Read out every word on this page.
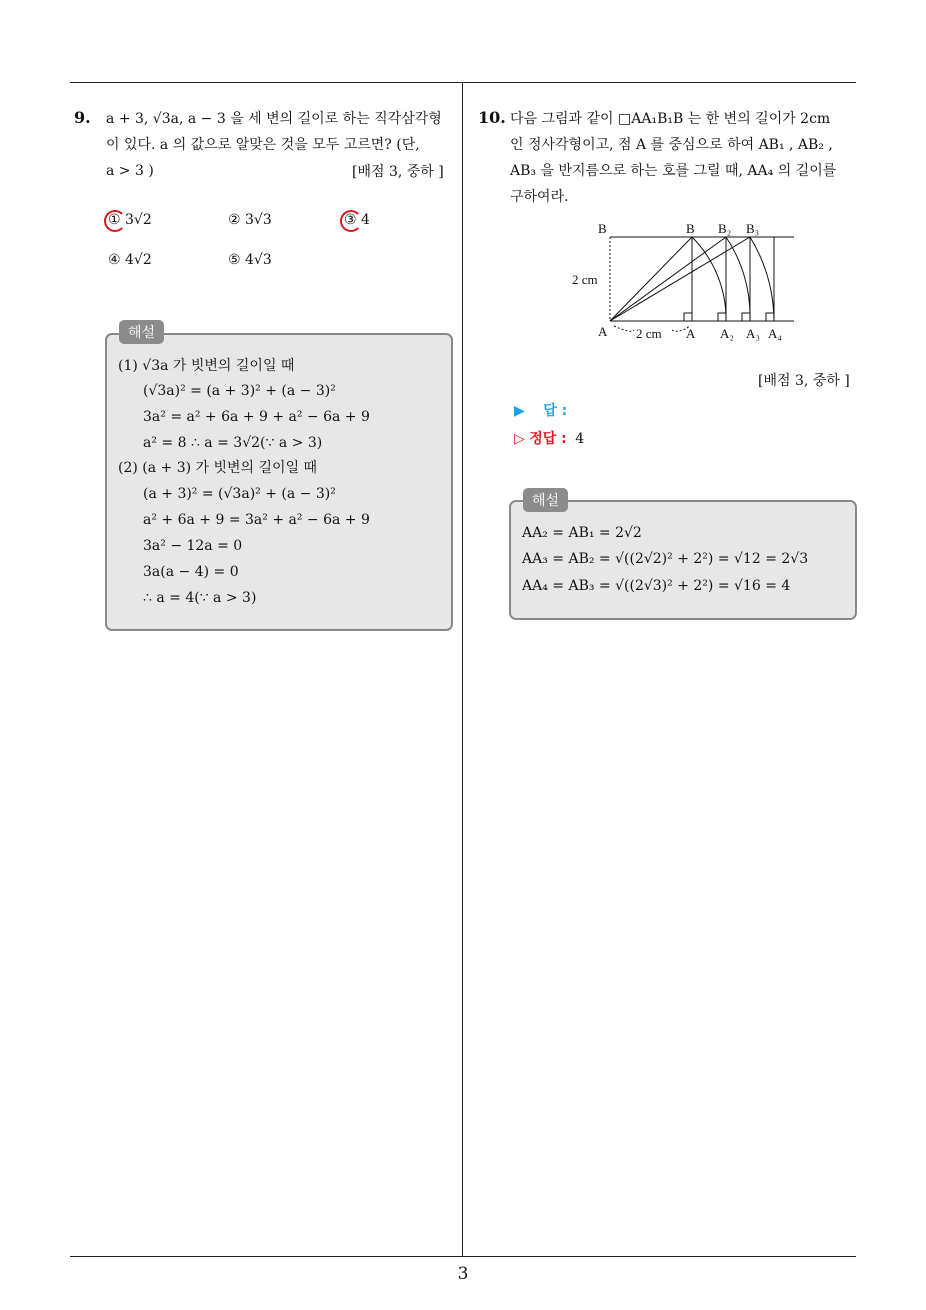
9. a + 3, √3a, a − 3 을 세 변의 길이로 하는 직각삼각형
이 있다. a 의 값으로 알맞은 것을 모두 고르면? (단,
a > 3 )	[배점 3, 중하 ]
① 3√2	② 3√3	③ 4
④ 4√2	⑤ 4√3
해설
(1) √3a 가 빗변의 길이일 때
(√3a)² = (a + 3)² + (a − 3)²
3a² = a² + 6a + 9 + a² − 6a + 9
a² = 8 ∴ a = 3√2(∵ a > 3)
(2) (a + 3) 가 빗변의 길이일 때
(a + 3)² = (√3a)² + (a − 3)²
a² + 6a + 9 = 3a² + a² − 6a + 9
3a² − 12a = 0
3a(a − 4) = 0
∴ a = 4(∵ a > 3)
10. 다음 그림과 같이 □AA₁B₁B 는 한 변의 길이가 2cm
인 정사각형이고, 점 A 를 중심으로 하여 AB₁ , AB₂ ,
AB₃ 을 반지름으로 하는 호를 그릴 때, AA₄ 의 길이를
구하여라.
B	B B₂ B₃
A	A A₂ A₃ A₄
2 cm
2 cm
[배점 3, 중하 ]
▶ 답 :
▷ 정답 : 4
해설
AA₂ = AB₁ = 2√2
AA₃ = AB₂ = √((2√2)² + 2²) = √12 = 2√3
AA₄ = AB₃ = √((2√3)² + 2²) = √16 = 4
3
